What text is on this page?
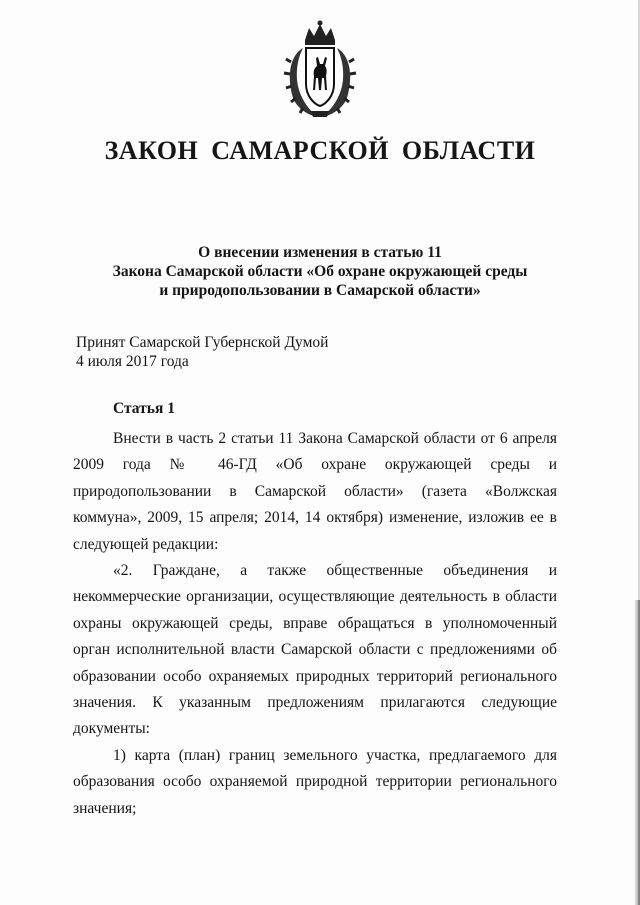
ЗАКОН САМАРСКОЙ ОБЛАСТИ
О внесении изменения в статью 11
Закона Самарской области «Об охране окружающей среды
и природопользовании в Самарской области»
Принят Самарской Губернской Думой
4 июля 2017 года
Статья 1

Внести в часть 2 статьи 11 Закона Самарской области от 6 апреля 2009 года № 46-ГД «Об охране окружающей среды и природопользовании в Самарской области» (газета «Волжская коммуна», 2009, 15 апреля; 2014, 14 октября) изменение, изложив ее в следующей редакции:

«2. Граждане, а также общественные объединения и некоммерческие организации, осуществляющие деятельность в области охраны окружающей среды, вправе обращаться в уполномоченный орган исполнительной власти Самарской области с предложениями об образовании особо охраняемых природных территорий регионального значения. К указанным предложениям прилагаются следующие документы:

1) карта (план) границ земельного участка, предлагаемого для образования особо охраняемой природной территории регионального значения;
